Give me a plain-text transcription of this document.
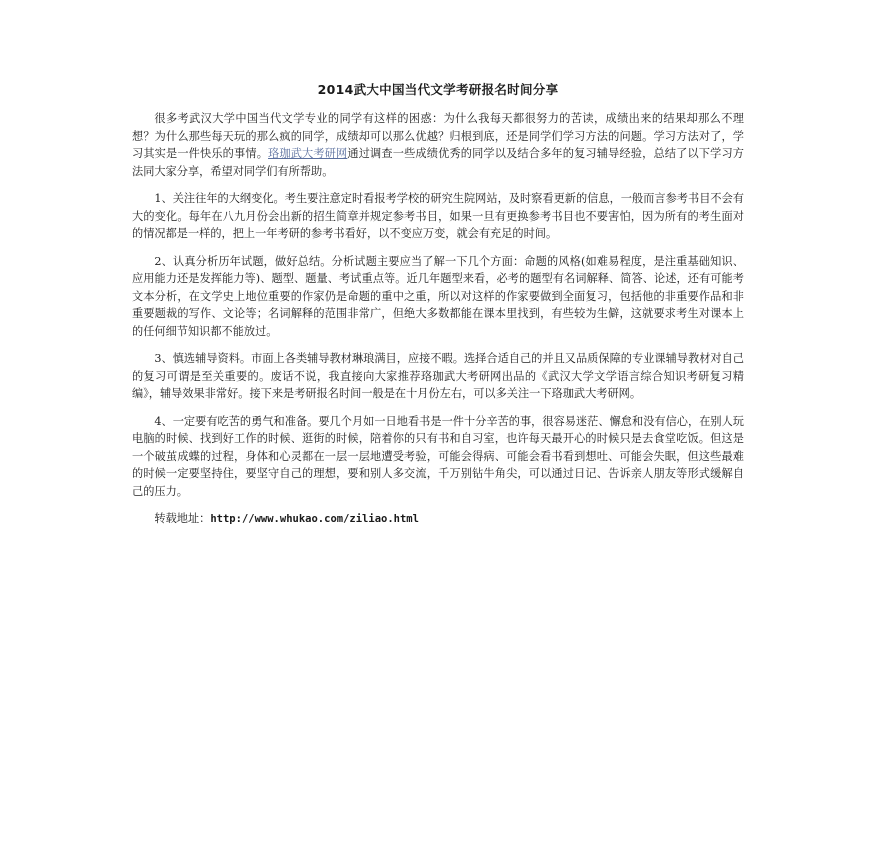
2014武大中国当代文学考研报名时间分享

很多考武汉大学中国当代文学专业的同学有这样的困惑：为什么我每天都很努力的苦读，成绩出来的结果却那么不理想？为什么那些每天玩的那么疯的同学，成绩却可以那么优越？归根到底，还是同学们学习方法的问题。学习方法对了，学习其实是一件快乐的事情。珞珈武大考研网通过调查一些成绩优秀的同学以及结合多年的复习辅导经验，总结了以下学习方法同大家分享，希望对同学们有所帮助。

1、关注往年的大纲变化。考生要注意定时看报考学校的研究生院网站，及时察看更新的信息，一般而言参考书目不会有大的变化。每年在八九月份会出新的招生简章并规定参考书目，如果一旦有更换参考书目也不要害怕，因为所有的考生面对的情况都是一样的，把上一年考研的参考书看好，以不变应万变，就会有充足的时间。

2、认真分析历年试题，做好总结。分析试题主要应当了解一下几个方面：命题的风格(如难易程度，是注重基础知识、应用能力还是发挥能力等)、题型、题量、考试重点等。近几年题型来看，必考的题型有名词解释、简答、论述，还有可能考文本分析，在文学史上地位重要的作家仍是命题的重中之重，所以对这样的作家要做到全面复习，包括他的非重要作品和非重要题裁的写作、文论等；名词解释的范围非常广，但绝大多数都能在课本里找到，有些较为生僻，这就要求考生对课本上的任何细节知识都不能放过。

3、慎选辅导资料。市面上各类辅导教材琳琅满目，应接不暇。选择合适自己的并且又品质保障的专业课辅导教材对自己的复习可谓是至关重要的。废话不说，我直接向大家推荐珞珈武大考研网出品的《武汉大学文学语言综合知识考研复习精编》，辅导效果非常好。接下来是考研报名时间一般是在十月份左右，可以多关注一下珞珈武大考研网。

4、一定要有吃苦的勇气和准备。要几个月如一日地看书是一件十分辛苦的事，很容易迷茫、懈怠和没有信心，在别人玩电脑的时候、找到好工作的时候、逛街的时候，陪着你的只有书和自习室，也许每天最开心的时候只是去食堂吃饭。但这是一个破茧成蝶的过程，身体和心灵都在一层一层地遭受考验，可能会得病、可能会看书看到想吐、可能会失眠，但这些最难的时候一定要坚持住，要坚守自己的理想，要和别人多交流，千万别钻牛角尖，可以通过日记、告诉亲人朋友等形式缓解自己的压力。

转载地址：http://www.whukao.com/ziliao.html
